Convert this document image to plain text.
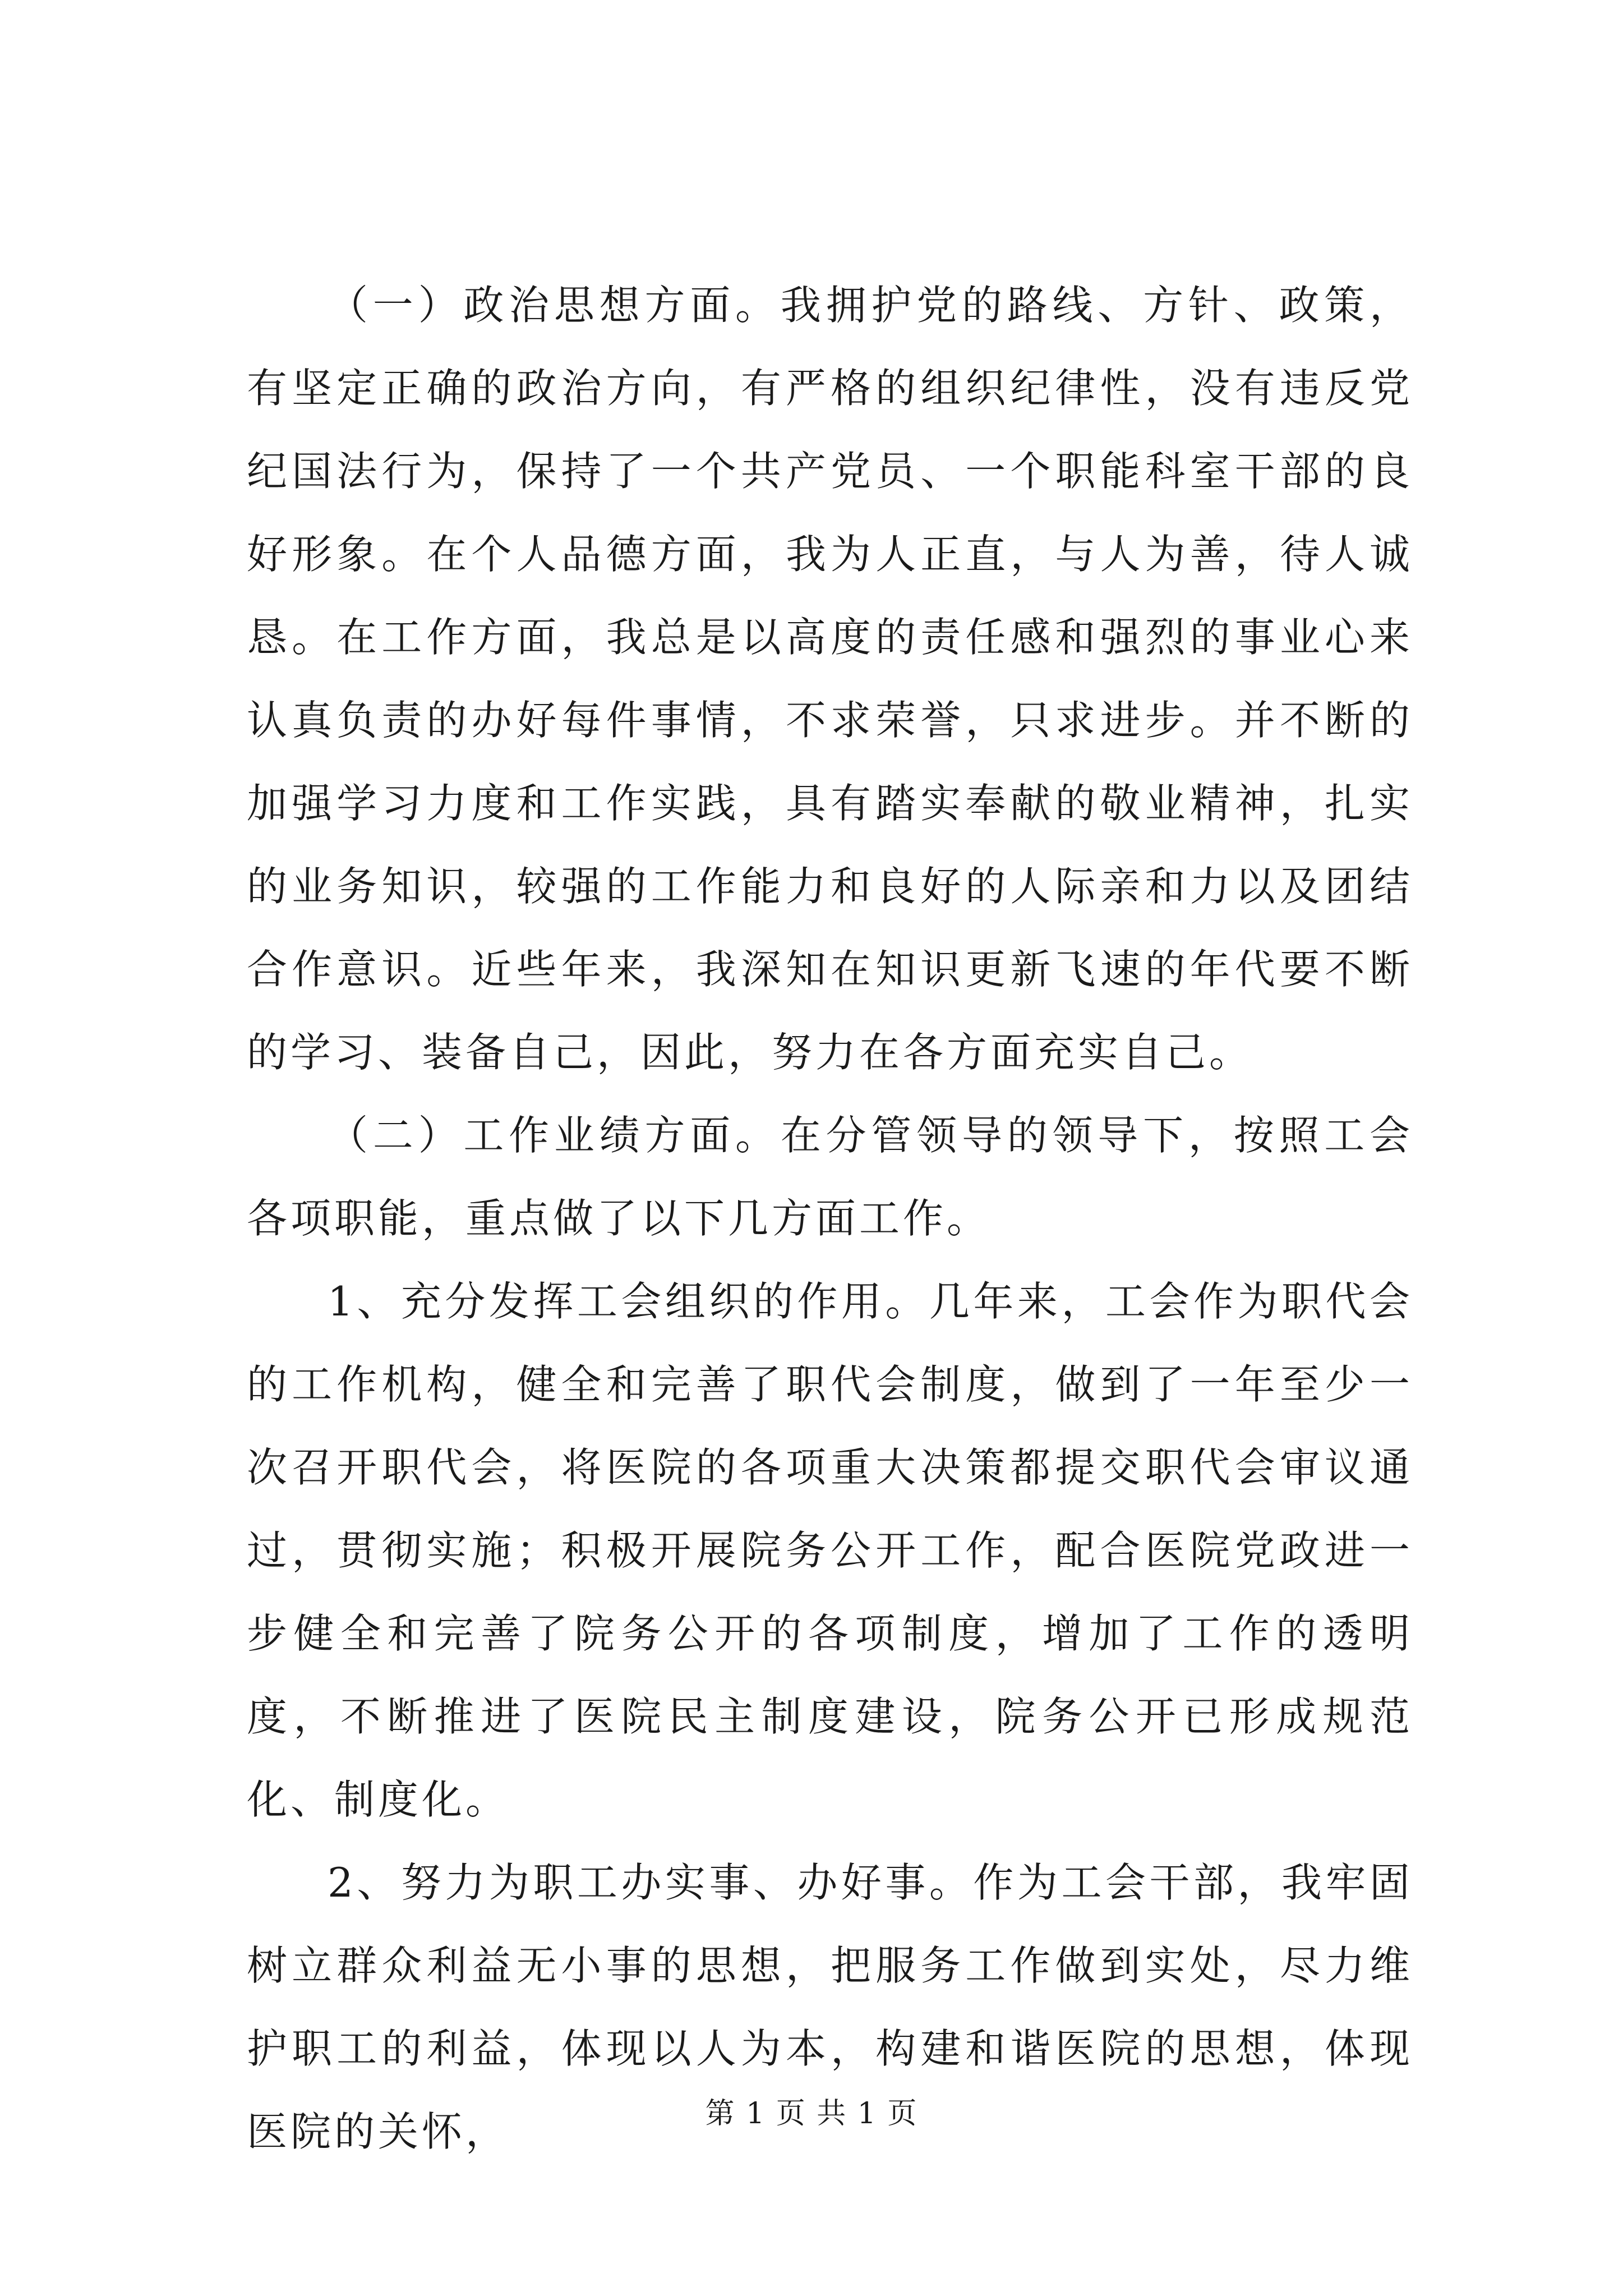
（一）政治思想方面。我拥护党的路线、方针、政策，有坚定正确的政治方向，有严格的组织纪律性，没有违反党纪国法行为，保持了一个共产党员、一个职能科室干部的良好形象。在个人品德方面，我为人正直，与人为善，待人诚恳。在工作方面，我总是以高度的责任感和强烈的事业心来认真负责的办好每件事情，不求荣誉，只求进步。并不断的加强学习力度和工作实践，具有踏实奉献的敬业精神，扎实的业务知识，较强的工作能力和良好的人际亲和力以及团结合作意识。近些年来，我深知在知识更新飞速的年代要不断的学习、装备自己，因此，努力在各方面充实自己。

（二）工作业绩方面。在分管领导的领导下，按照工会各项职能，重点做了以下几方面工作。

1、充分发挥工会组织的作用。几年来，工会作为职代会的工作机构，健全和完善了职代会制度，做到了一年至少一次召开职代会，将医院的各项重大决策都提交职代会审议通过，贯彻实施；积极开展院务公开工作，配合医院党政进一步健全和完善了院务公开的各项制度，增加了工作的透明度，不断推进了医院民主制度建设，院务公开已形成规范化、制度化。

2、努力为职工办实事、办好事。作为工会干部，我牢固树立群众利益无小事的思想，把服务工作做到实处，尽力维护职工的利益，体现以人为本，构建和谐医院的思想，体现医院的关怀，	第 1 页 共 1 页
